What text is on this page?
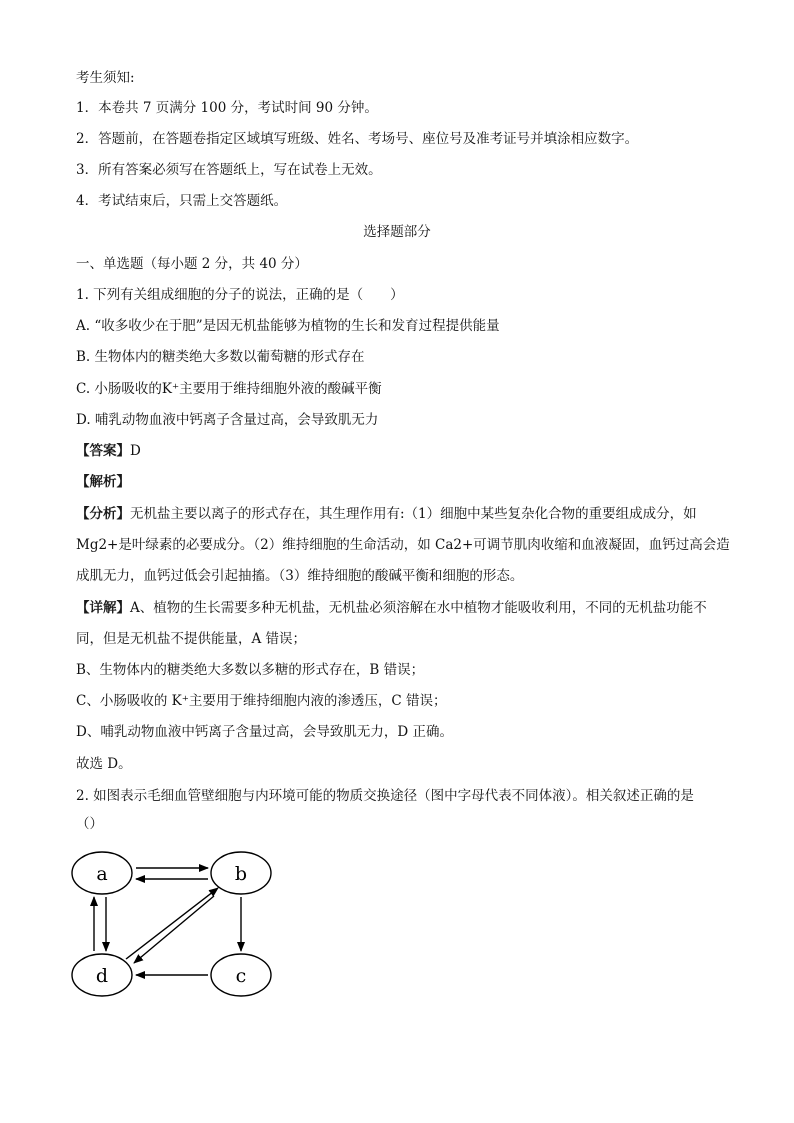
考生须知:
1．本卷共 7 页满分 100 分，考试时间 90 分钟。
2．答题前，在答题卷指定区域填写班级、姓名、考场号、座位号及准考证号并填涂相应数字。
3．所有答案必须写在答题纸上，写在试卷上无效。
4．考试结束后，只需上交答题纸。
选择题部分
一、单选题（每小题 2 分，共 40 分）
1. 下列有关组成细胞的分子的说法，正确的是（　　）
A. “收多收少在于肥”是因无机盐能够为植物的生长和发育过程提供能量
B. 生物体内的糖类绝大多数以葡萄糖的形式存在
C. 小肠吸收的K⁺主要用于维持细胞外液的酸碱平衡
D. 哺乳动物血液中钙离子含量过高，会导致肌无力
【答案】D
【解析】
【分析】无机盐主要以离子的形式存在，其生理作用有:（1）细胞中某些复杂化合物的重要组成成分，如
Mg2+是叶绿素的必要成分。（2）维持细胞的生命活动，如 Ca2+可调节肌肉收缩和血液凝固，血钙过高会造
成肌无力，血钙过低会引起抽搐。（3）维持细胞的酸碱平衡和细胞的形态。
【详解】A、植物的生长需要多种无机盐，无机盐必须溶解在水中植物才能吸收利用，不同的无机盐功能不
同，但是无机盐不提供能量，A 错误；
B、生物体内的糖类绝大多数以多糖的形式存在，B 错误；
C、小肠吸收的 K⁺主要用于维持细胞内液的渗透压，C 错误；
D、哺乳动物血液中钙离子含量过高，会导致肌无力，D 正确。
故选 D。
2. 如图表示毛细血管壁细胞与内环境可能的物质交换途径（图中字母代表不同体液）。相关叙述正确的是
（）
a	b
d	c
